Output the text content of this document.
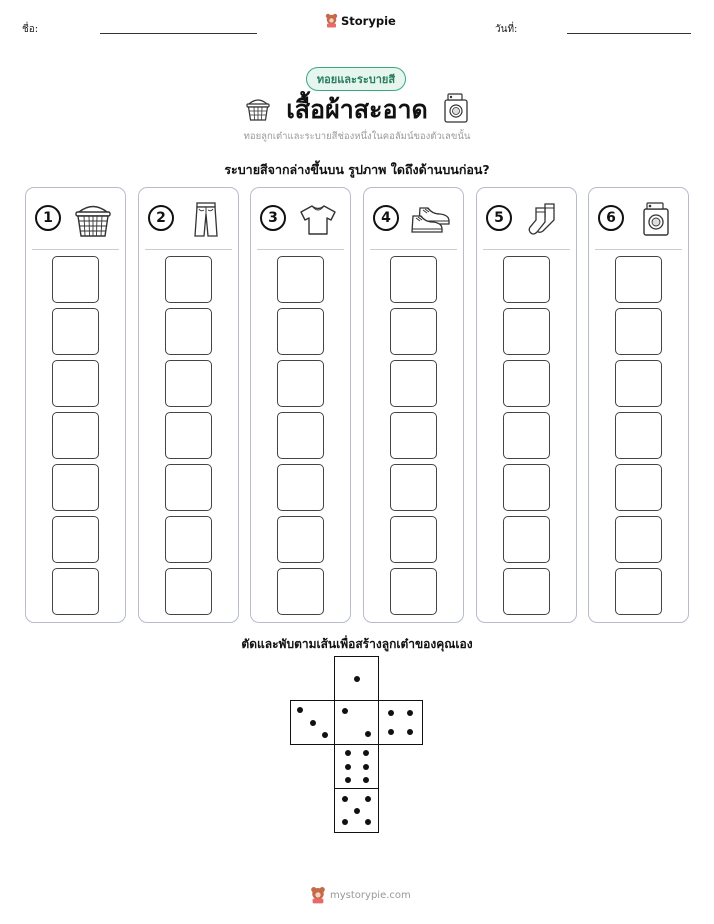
ชื่อ:
Storypie
วันที่:
ทอยและระบายสี
เสื้อผ้าสะอาด
ทอยลูกเต๋าและระบายสีช่องหนึ่งในคอลัมน์ของตัวเลขนั้น
ระบายสีจากล่างขึ้นบน รูปภาพ ใดถึงด้านบนก่อน?
1	2	3	4	5	6
ตัดและพับตามเส้นเพื่อสร้างลูกเต๋าของคุณเอง
mystorypie.com
